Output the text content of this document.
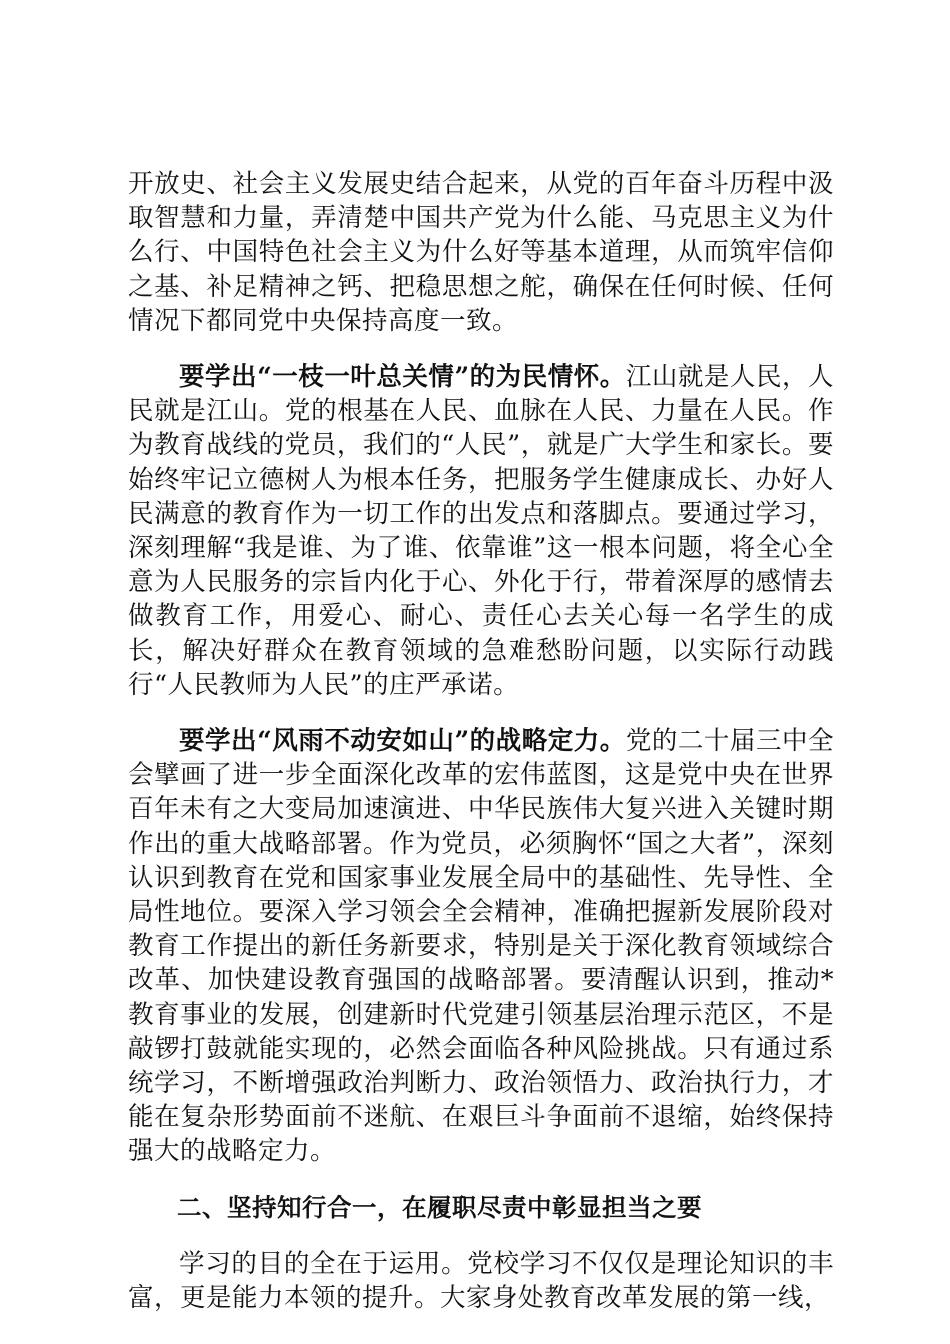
开放史、社会主义发展史结合起来，从党的百年奋斗历程中汲取智慧和力量，弄清楚中国共产党为什么能、马克思主义为什么行、中国特色社会主义为什么好等基本道理，从而筑牢信仰之基、补足精神之钙、把稳思想之舵，确保在任何时候、任何情况下都同党中央保持高度一致。

要学出“一枝一叶总关情”的为民情怀。江山就是人民，人民就是江山。党的根基在人民、血脉在人民、力量在人民。作为教育战线的党员，我们的“人民”，就是广大学生和家长。要始终牢记立德树人为根本任务，把服务学生健康成长、办好人民满意的教育作为一切工作的出发点和落脚点。要通过学习，深刻理解“我是谁、为了谁、依靠谁”这一根本问题，将全心全意为人民服务的宗旨内化于心、外化于行，带着深厚的感情去做教育工作，用爱心、耐心、责任心去关心每一名学生的成长，解决好群众在教育领域的急难愁盼问题，以实际行动践行“人民教师为人民”的庄严承诺。

要学出“风雨不动安如山”的战略定力。党的二十届三中全会擘画了进一步全面深化改革的宏伟蓝图，这是党中央在世界百年未有之大变局加速演进、中华民族伟大复兴进入关键时期作出的重大战略部署。作为党员，必须胸怀“国之大者”，深刻认识到教育在党和国家事业发展全局中的基础性、先导性、全局性地位。要深入学习领会全会精神，准确把握新发展阶段对教育工作提出的新任务新要求，特别是关于深化教育领域综合改革、加快建设教育强国的战略部署。要清醒认识到，推动*教育事业的发展，创建新时代党建引领基层治理示范区，不是敲锣打鼓就能实现的，必然会面临各种风险挑战。只有通过系统学习，不断增强政治判断力、政治领悟力、政治执行力，才能在复杂形势面前不迷航、在艰巨斗争面前不退缩，始终保持强大的战略定力。

二、坚持知行合一，在履职尽责中彰显担当之要

学习的目的全在于运用。党校学习不仅仅是理论知识的丰富，更是能力本领的提升。大家身处教育改革发展的第一线，
